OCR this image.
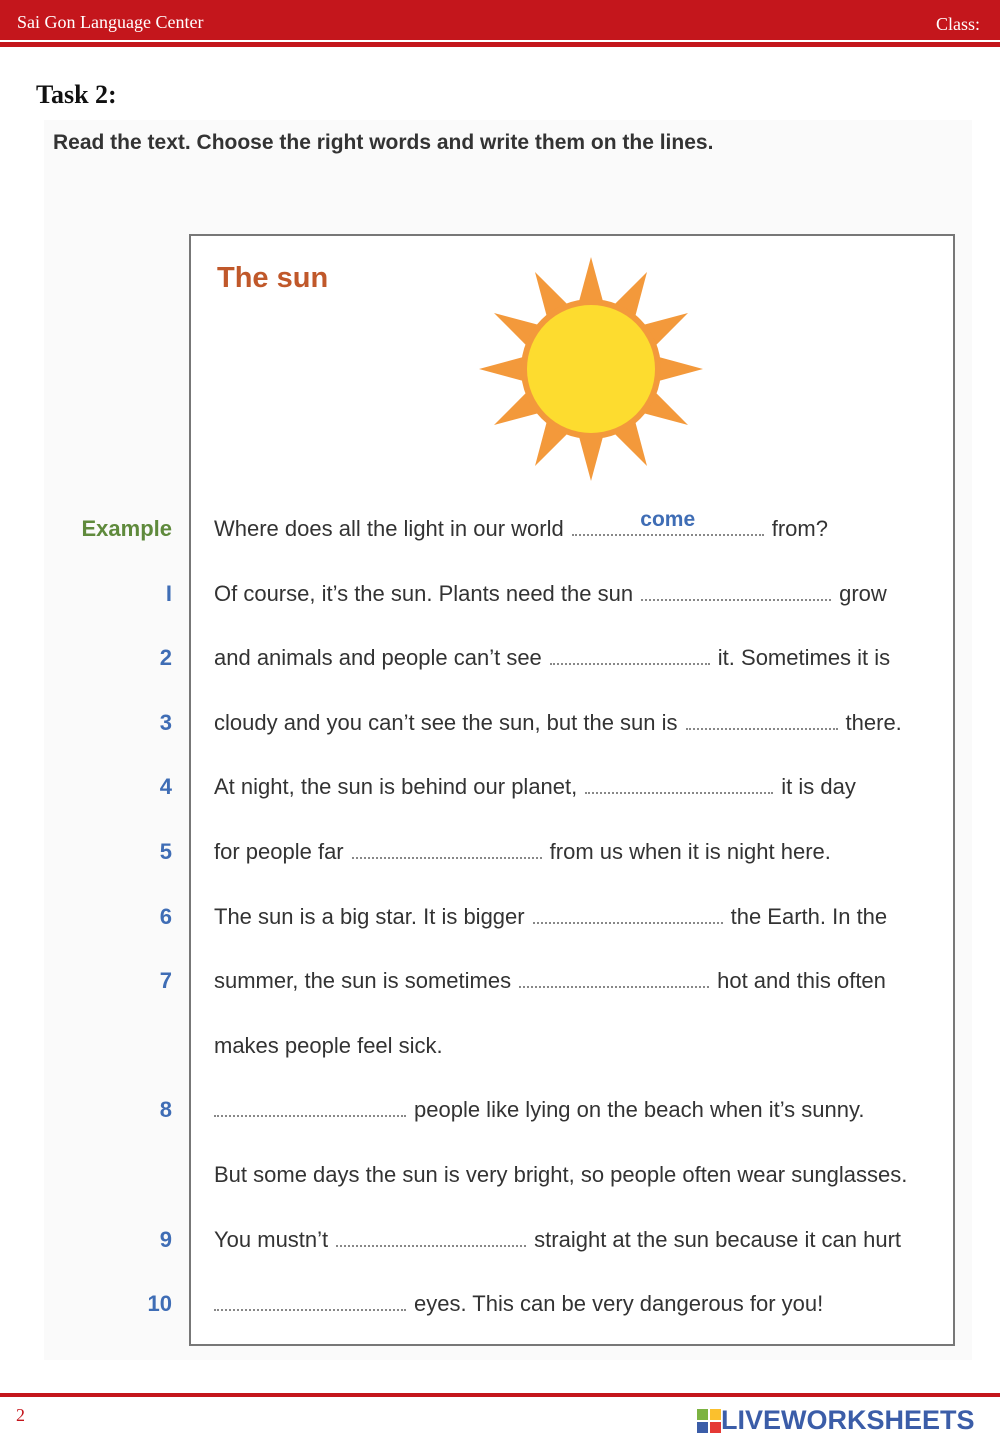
Sai Gon Language Center	Class:
Task 2:
Read the text. Choose the right words and write them on the lines.
The sun
Example Where does all the light in our world	come	from?
I Of course, it’s the sun. Plants need the sun	grow
2 and animals and people can’t see	it. Sometimes it is
3 cloudy and you can’t see the sun, but the sun is	there.
4 At night, the sun is behind our planet,	it is day
5 for people far	from us when it is night here.
6 The sun is a big star. It is bigger	the Earth. In the
7 summer, the sun is sometimes	hot and this often
makes people feel sick.
8	people like lying on the beach when it’s sunny.
But some days the sun is very bright, so people often wear sunglasses.
9 You mustn’t	straight at the sun because it can hurt
10	eyes. This can be very dangerous for you!
2	LIVEWORKSHEETS
